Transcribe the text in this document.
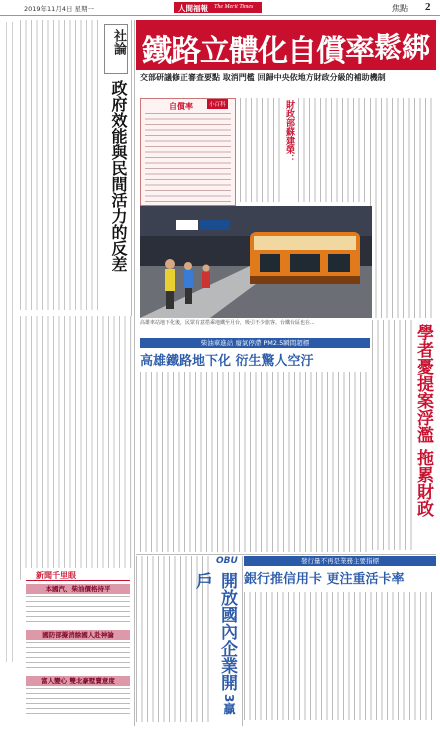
2019年11月4日 星期一	人間福報 The Merit Times	焦點 2
社論
政府效能與民間活力的反差
新聞千里眼
本國汽、柴油價格持平
國防部擬消餘國人赴神論
富人變心 雙北豪墅賣意度
鐵路立體化自償率 鬆綁
交部研議修正審查要點 取消門檻 回歸中央依地方財政分級的補助機制
自償率	小百科	財政部蘇建榮：
高雄車站地下化後，民眾有意搭乘地鐵至月台，吸引不少旅客。台鐵台區也在...
學者憂提案浮濫 拖累財政
柴油車進站 廢氣停滯 PM2.5瞬間超標
高雄鐵路地下化 衍生驚人空汙
發行量不再是業務主要指標
銀行推信用卡 更注重活卡率
OBU
開放國內企業開戶
3贏
